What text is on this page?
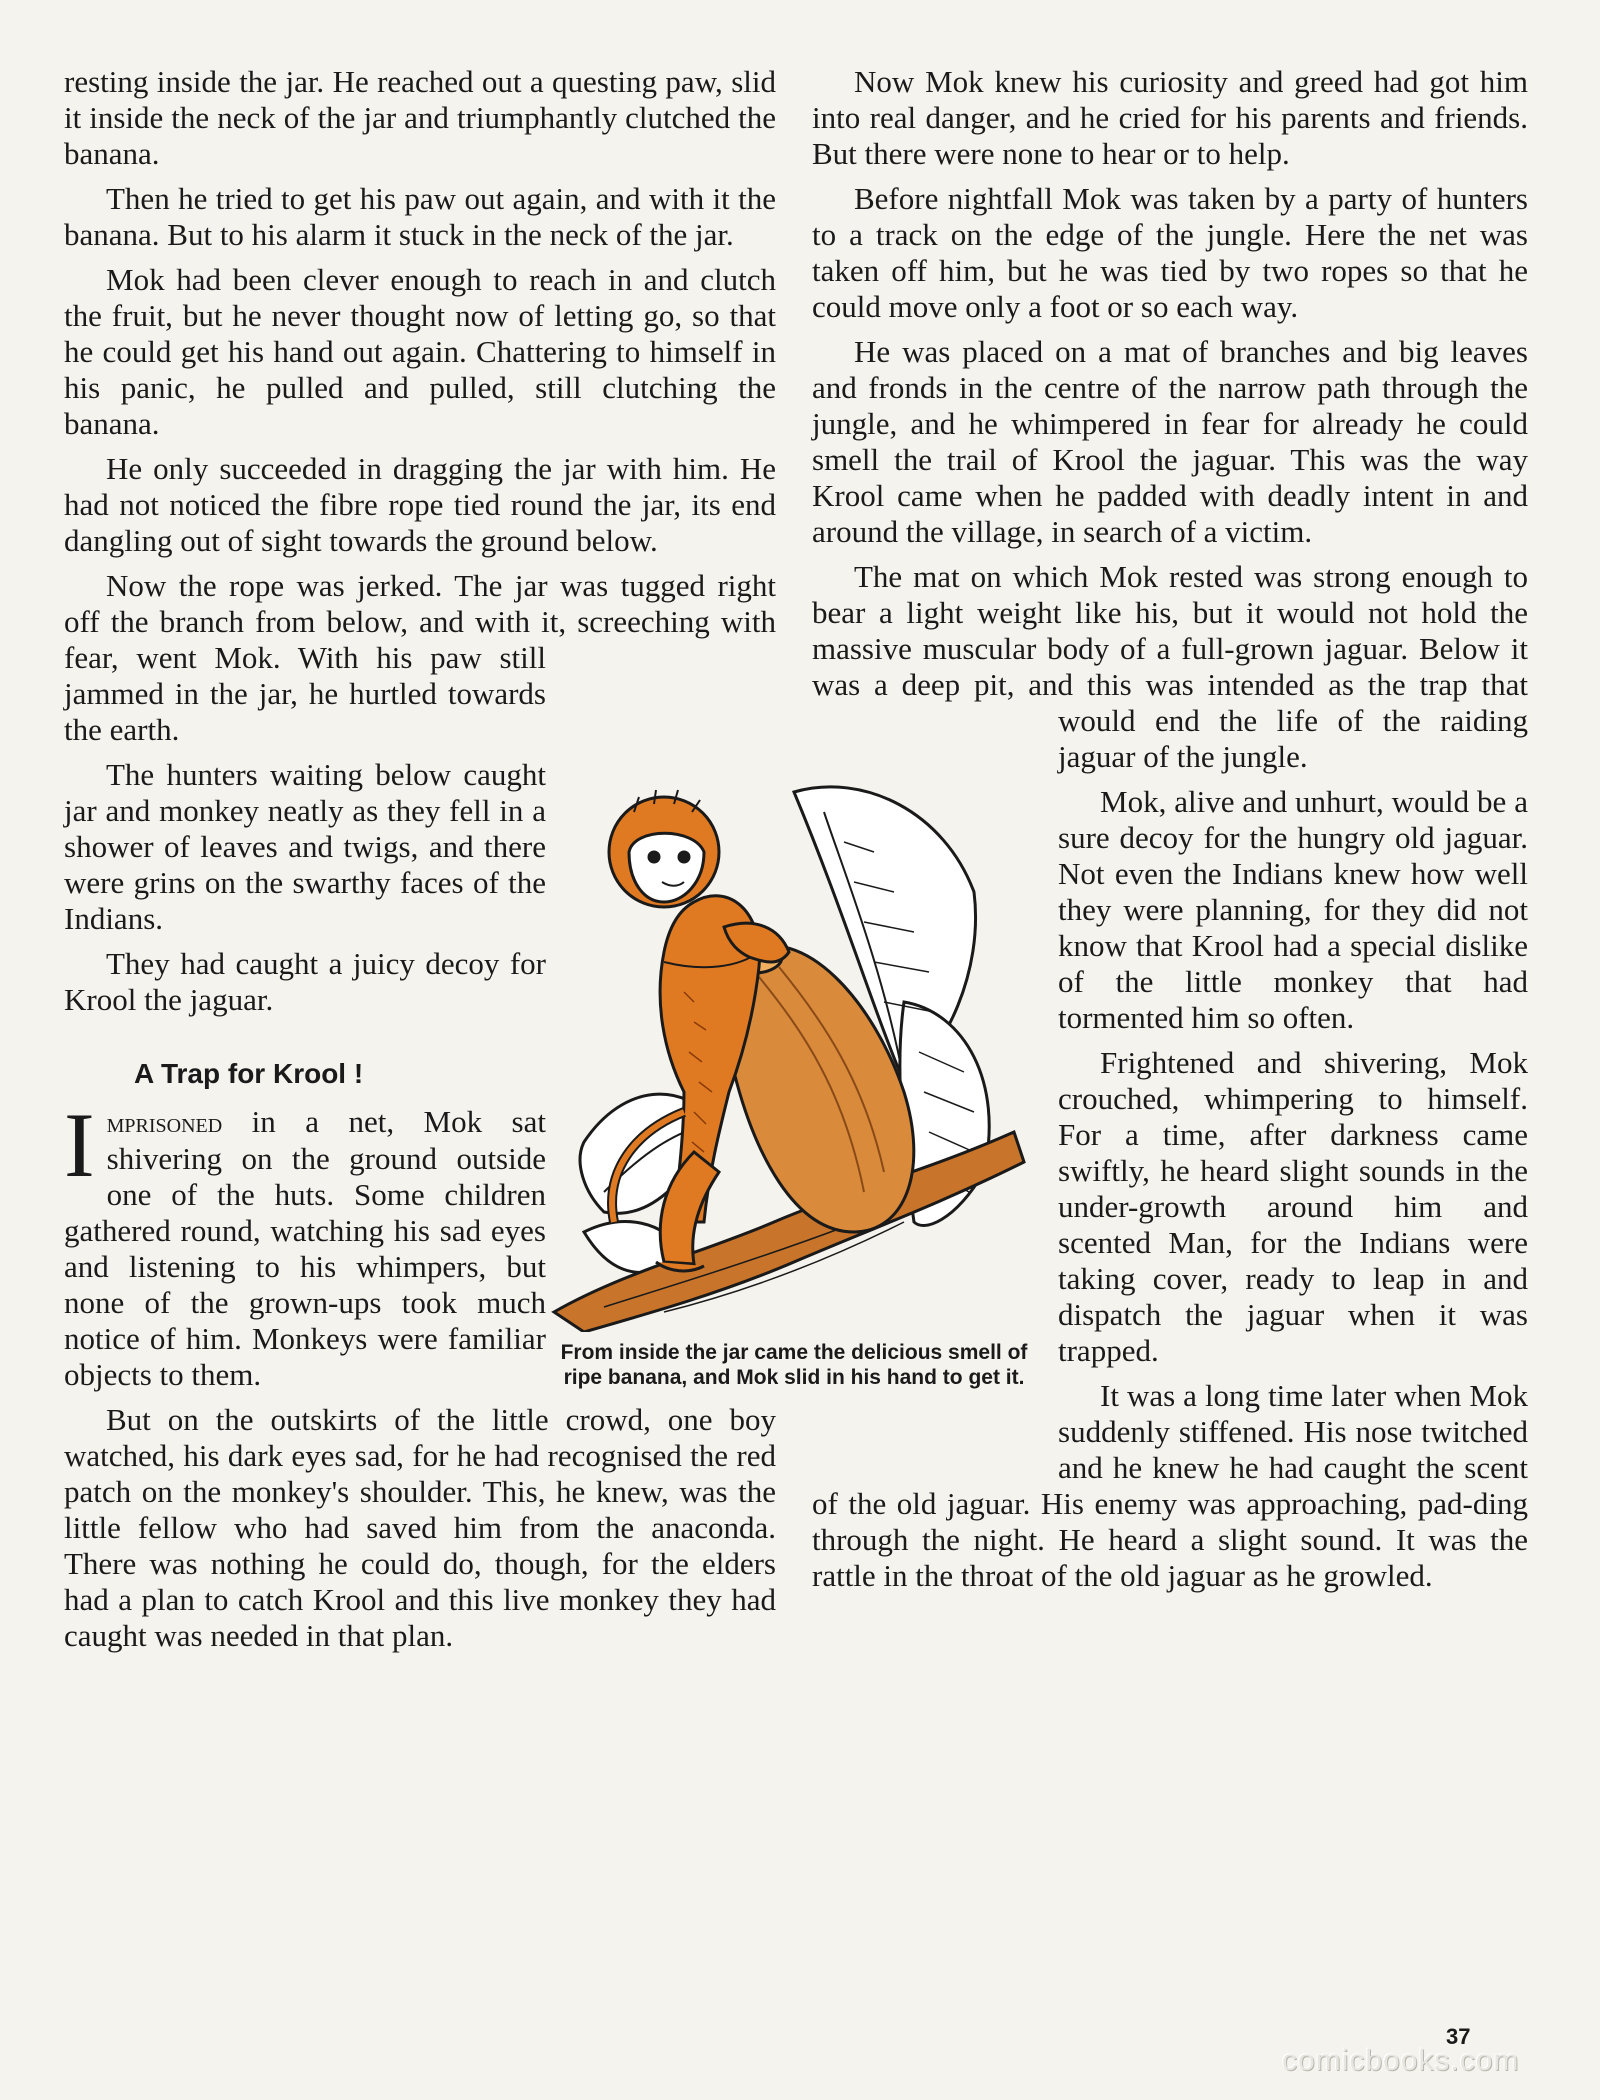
resting inside the jar. He reached out a questing paw, slid it inside the neck of the jar and triumphantly clutched the banana.

Then he tried to get his paw out again, and with it the banana. But to his alarm it stuck in the neck of the jar.

Mok had been clever enough to reach in and clutch the fruit, but he never thought now of letting go, so that he could get his hand out again. Chattering to himself in his panic, he pulled and pulled, still clutching the banana.

He only succeeded in dragging the jar with him. He had not noticed the fibre rope tied round the jar, its end dangling out of sight towards the ground below.

Now the rope was jerked. The jar was tugged right off the branch from below, and with it, screeching with fear, went Mok. With his paw still jammed in the jar, he hurtled towards the earth.

The hunters waiting below caught jar and monkey neatly as they fell in a shower of leaves and twigs, and there were grins on the swarthy faces of the Indians.

They had caught a juicy decoy for Krool the jaguar.

A Trap for Krool !

Imprisoned in a net, Mok sat shivering on the ground outside one of the huts. Some children gathered round, watching his sad eyes and listening to his whimpers, but none of the grown-ups took much notice of him. Monkeys were familiar objects to them.

But on the outskirts of the little crowd, one boy watched, his dark eyes sad, for he had recognised the red patch on the monkey's shoulder. This, he knew, was the little fellow who had saved him from the anaconda. There was nothing he could do, though, for the elders had a plan to catch Krool and this live monkey they had caught was needed in that plan.

Now Mok knew his curiosity and greed had got him into real danger, and he cried for his parents and friends. But there were none to hear or to help.

Before nightfall Mok was taken by a party of hunters to a track on the edge of the jungle. Here the net was taken off him, but he was tied by two ropes so that he could move only a foot or so each way.

He was placed on a mat of branches and big leaves and fronds in the centre of the narrow path through the jungle, and he whimpered in fear for already he could smell the trail of Krool the jaguar. This was the way Krool came when he padded with deadly intent in and around the village, in search of a victim.

The mat on which Mok rested was strong enough to bear a light weight like his, but it would not hold the massive muscular body of a full-grown jaguar. Below it was a deep pit, and this was intended as the trap that would end the life of the raiding jaguar of the jungle.

Mok, alive and unhurt, would be a sure decoy for the hungry old jaguar. Not even the Indians knew how well they were planning, for they did not know that Krool had a special dislike of the little monkey that had tormented him so often.

Frightened and shivering, Mok crouched, whimpering to himself. For a time, after darkness came swiftly, he heard slight sounds in the under-growth around him and scented Man, for the Indians were taking cover, ready to leap in and dispatch the jaguar when it was trapped.

It was a long time later when Mok suddenly stiffened. His nose twitched and he knew he had caught the scent of the old jaguar. His enemy was approaching, pad-ding through the night. He heard a slight sound. It was the rattle in the throat of the old jaguar as he growled.

From inside the jar came the delicious smell of ripe banana, and Mok slid in his hand to get it.
37
comicbooks.com
